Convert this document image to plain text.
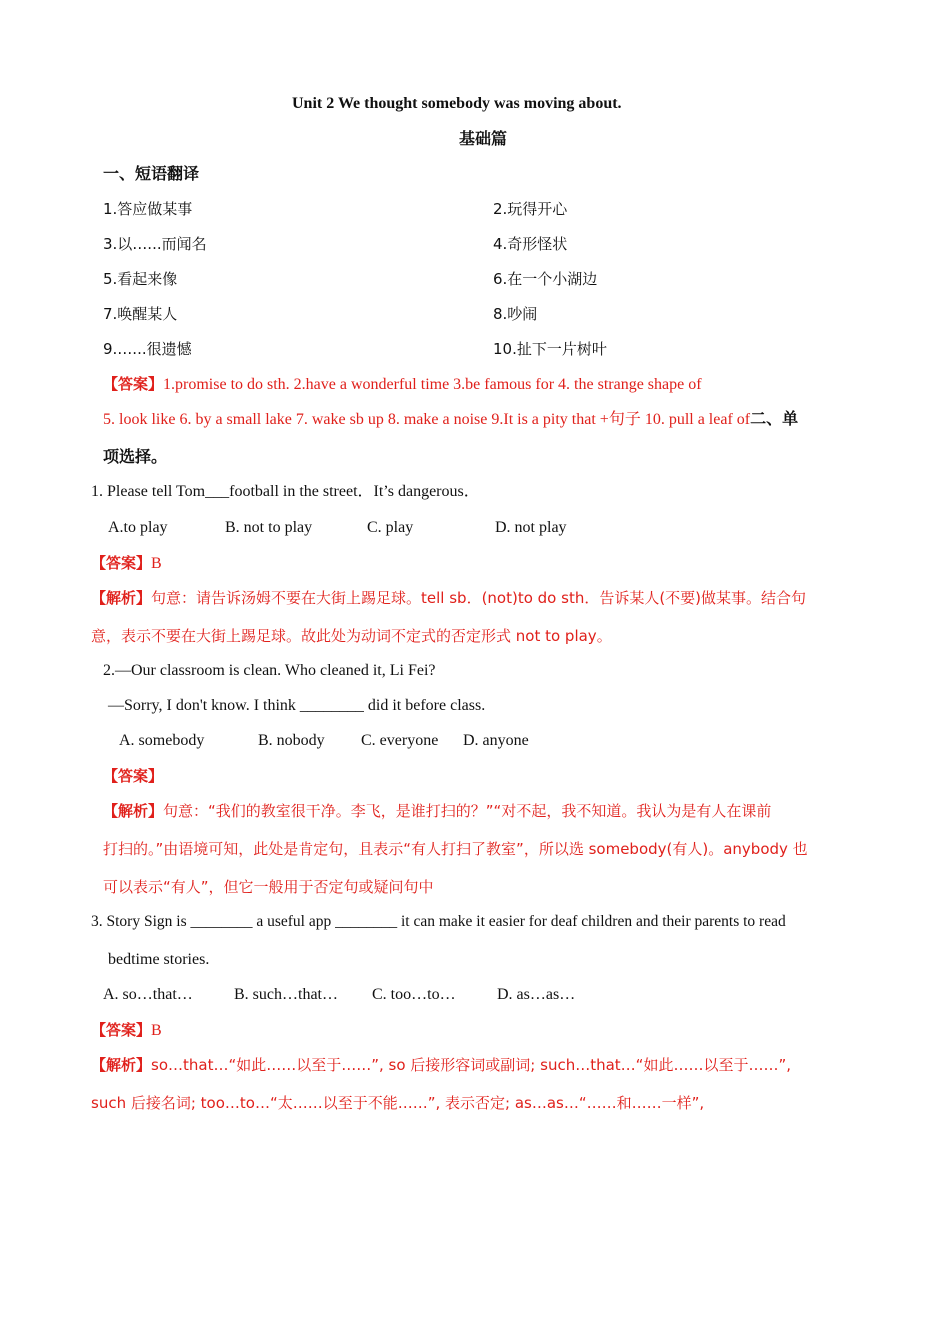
Unit 2 We thought somebody was moving about.
基础篇
一、短语翻译
1.答应做某事	2.玩得开心
3.以…...而闻名	4.奇形怪状
5.看起来像	6.在一个小湖边
7.唤醒某人	8.吵闹
9.…...很遗憾	10.扯下一片树叶
【答案】1.promise to do sth. 2.have a wonderful time 3.be famous for 4. the strange shape of
5. look like 6. by a small lake 7. wake sb up 8. make a noise 9.It is a pity that +句子 10. pull a leaf of二、单
项选择。
1. Please tell Tom___football in the street．It’s dangerous．
A.to play	B. not to play	C. play	D. not play
【答案】B
【解析】句意：请告诉汤姆不要在大街上踢足球。tell sb．(not)to do sth．告诉某人(不要)做某事。结合句
意，表示不要在大街上踢足球。故此处为动词不定式的否定形式 not to play。
2.—Our classroom is clean. Who cleaned it, Li Fei?
—Sorry, I don't know. I think ________ did it before class.
A. somebody	B. nobody C. everyone D. anyone
【答案】
【解析】句意：“我们的教室很干净。李飞，是谁打扫的？”“对不起，我不知道。我认为是有人在课前
打扫的。”由语境可知，此处是肯定句，且表示“有人打扫了教室”，所以选 somebody(有人)。anybody 也
可以表示“有人”，但它一般用于否定句或疑问句中
3. Story Sign is ________ a useful app ________ it can make it easier for deaf children and their parents to read
bedtime stories.
A. so…that…	B. such…that… C. too…to…	D. as…as…
【答案】B
【解析】so…that…“如此……以至于……”, so 后接形容词或副词; such…that…“如此……以至于……”,
such 后接名词; too…to…“太……以至于不能……”, 表示否定; as…as…“……和……一样”,
